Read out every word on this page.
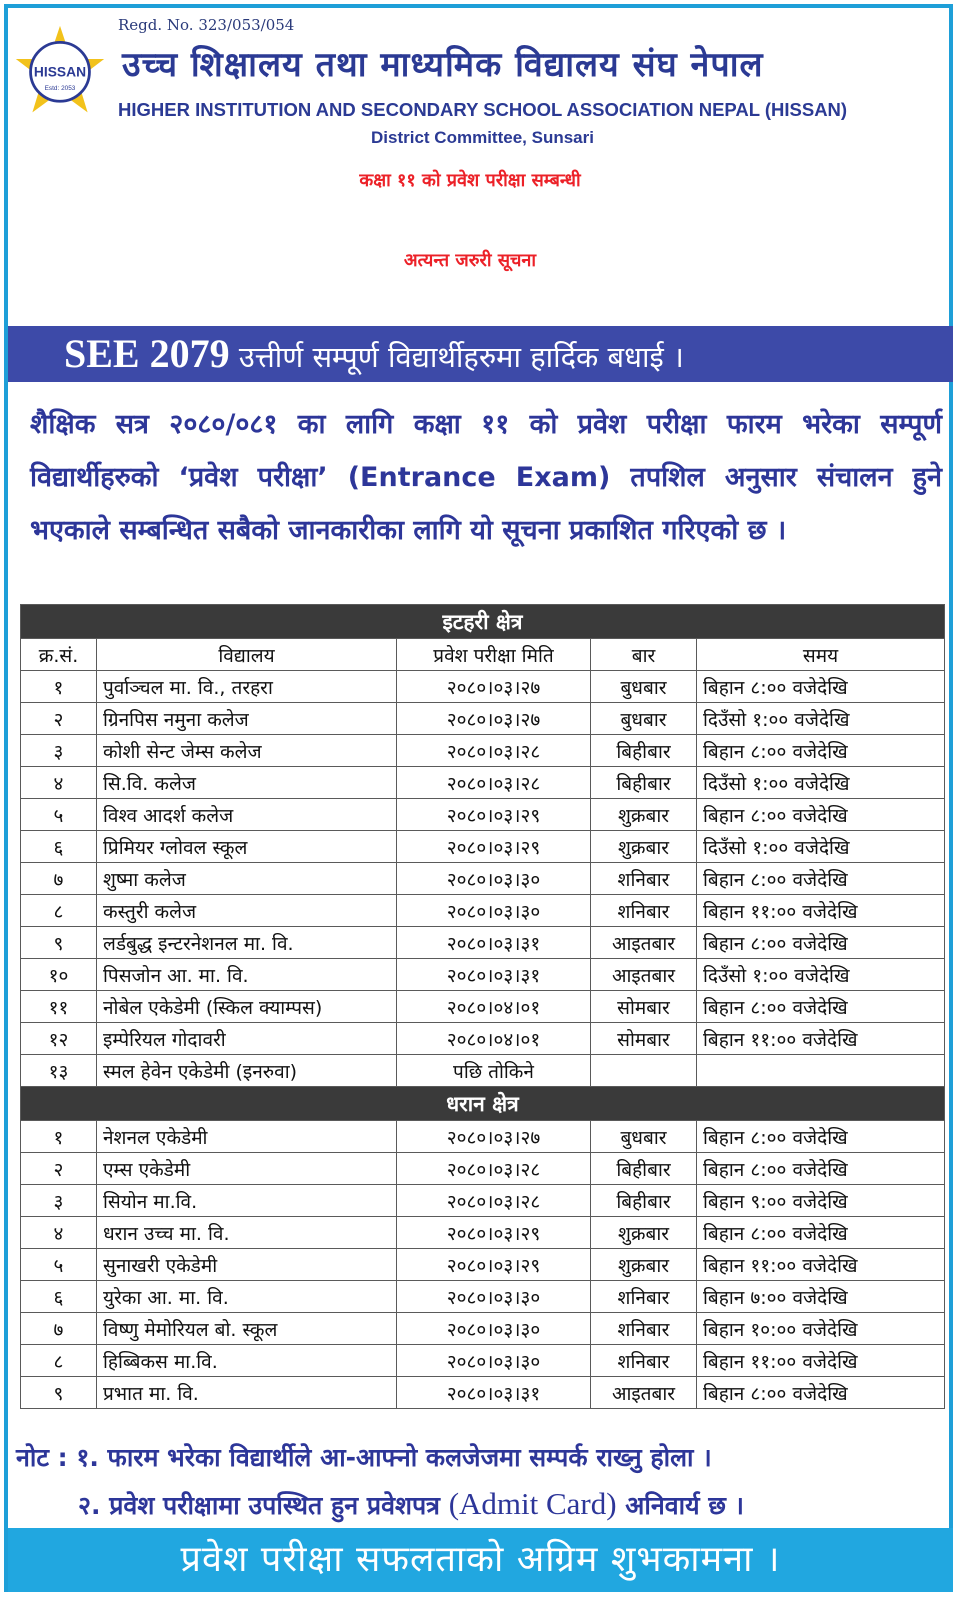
Regd. No. 323/053/054
HISSAN
Estd: 2053
उच्च शिक्षालय तथा माध्यमिक विद्यालय संघ नेपाल
HIGHER INSTITUTION AND SECONDARY SCHOOL ASSOCIATION NEPAL (HISSAN)
District Committee, Sunsari
कक्षा ११ को प्रवेश परीक्षा सम्बन्धी
अत्यन्त जरुरी सूचना
SEE 2079 उत्तीर्ण सम्पूर्ण विद्यार्थीहरुमा हार्दिक बधाई ।
शैक्षिक सत्र २०८०/०८१ का लागि कक्षा ११ को प्रवेश परीक्षा फारम भरेका सम्पूर्ण विद्यार्थीहरुको ‘प्रवेश परीक्षा’ (Entrance Exam) तपशिल अनुसार संचालन हुने भएकाले सम्बन्धित सबैको जानकारीका लागि यो सूचना प्रकाशित गरिएको छ ।
इटहरी क्षेत्र				
क्र.सं.	विद्यालय	प्रवेश परीक्षा मिति	बार	समय
१	पुर्वाञ्चल मा. वि., तरहरा	२०८०।०३।२७	बुधबार	बिहान ८:०० वजेदेखि
२	ग्रिनपिस नमुना कलेज	२०८०।०३।२७	बुधबार	दिउँसो १:०० वजेदेखि
३	कोशी सेन्ट जेम्स कलेज	२०८०।०३।२८	बिहीबार	बिहान ८:०० वजेदेखि
४	सि.वि. कलेज	२०८०।०३।२८	बिहीबार	दिउँसो १:०० वजेदेखि
५	विश्व आदर्श कलेज	२०८०।०३।२९	शुक्रबार	बिहान ८:०० वजेदेखि
६	प्रिमियर ग्लोवल स्कूल	२०८०।०३।२९	शुक्रबार	दिउँसो १:०० वजेदेखि
७	शुष्मा कलेज	२०८०।०३।३०	शनिबार	बिहान ८:०० वजेदेखि
८	कस्तुरी कलेज	२०८०।०३।३०	शनिबार	बिहान ११:०० वजेदेखि
९	लर्डबुद्ध इन्टरनेशनल मा. वि.	२०८०।०३।३१	आइतबार	बिहान ८:०० वजेदेखि
१०	पिसजोन आ. मा. वि.	२०८०।०३।३१	आइतबार	दिउँसो १:०० वजेदेखि
११	नोबेल एकेडेमी (स्किल क्याम्पस)	२०८०।०४।०१	सोमबार	बिहान ८:०० वजेदेखि
१२	इम्पेरियल गोदावरी	२०८०।०४।०१	सोमबार	बिहान ११:०० वजेदेखि
१३	स्मल हेवेन एकेडेमी (इनरुवा)	पछि तोकिने		
धरान क्षेत्र				
१	नेशनल एकेडेमी	२०८०।०३।२७	बुधबार	बिहान ८:०० वजेदेखि
२	एम्स एकेडेमी	२०८०।०३।२८	बिहीबार	बिहान ८:०० वजेदेखि
३	सियोन मा.वि.	२०८०।०३।२८	बिहीबार	बिहान ९:०० वजेदेखि
४	धरान उच्च मा. वि.	२०८०।०३।२९	शुक्रबार	बिहान ८:०० वजेदेखि
५	सुनाखरी एकेडेमी	२०८०।०३।२९	शुक्रबार	बिहान ११:०० वजेदेखि
६	युरेका आ. मा. वि.	२०८०।०३।३०	शनिबार	बिहान ७:०० वजेदेखि
७	विष्णु मेमोरियल बो. स्कूल	२०८०।०३।३०	शनिबार	बिहान १०:०० वजेदेखि
८	हिब्बिकस मा.वि.	२०८०।०३।३०	शनिबार	बिहान ११:०० वजेदेखि
९	प्रभात मा. वि.	२०८०।०३।३१	आइतबार	बिहान ८:०० वजेदेखि
नोट : १. फारम भरेका विद्यार्थीले आ-आफ्नो कलजेजमा सम्पर्क राख्नु होला ।
२. प्रवेश परीक्षामा उपस्थित हुन प्रवेशपत्र (Admit Card) अनिवार्य छ ।
प्रवेश परीक्षा सफलताको अग्रिम शुभकामना ।
